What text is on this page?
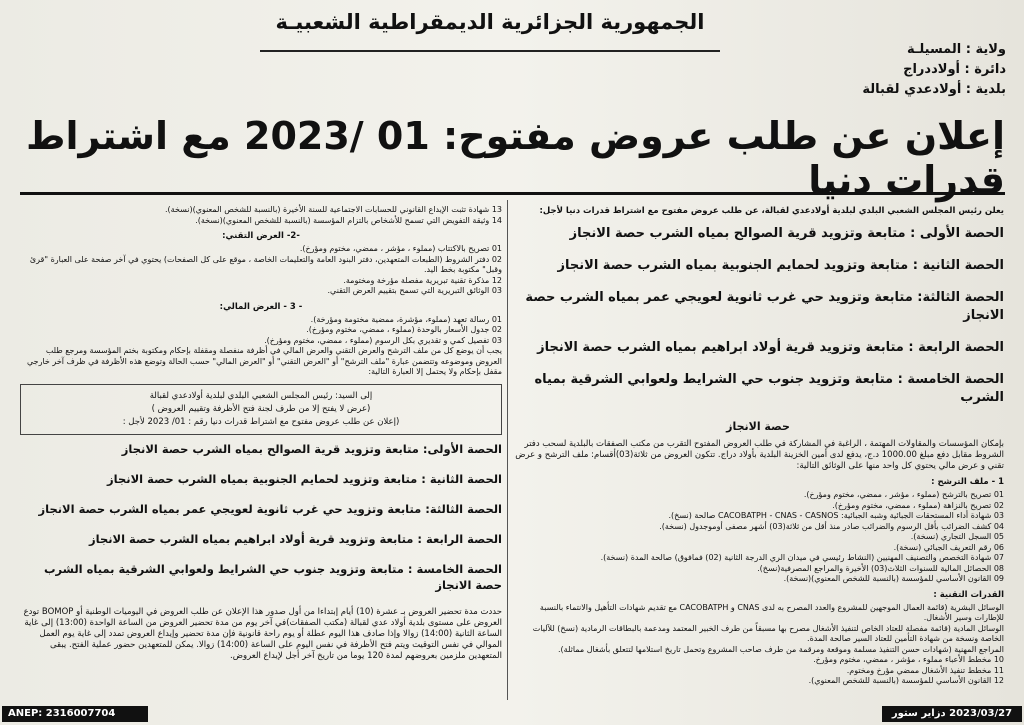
الجمهورية الجزائرية الديمقراطية الشعبيـة
ولاية : المسيلـة
دائرة : أولاددراج
بلدية : أولادعدي لقبالة
إعلان عن طلب عروض مفتوح: 01 /2023 مع اشتراط قدرات دنيا

يعلن رئيس المجلس الشعبي البلدي لبلدية أولادعدي لقبالة، عن طلب عروض مفتوح مع اشتراط قدرات دنيا لأجل:

الحصة الأولى : متابعة وتزويد قرية الصوالح بمياه الشرب حصة الانجاز

الحصة الثانية : متابعة وتزويد لحمايم الجنوبية بمياه الشرب حصة الانجاز

الحصة الثالثة: متابعة وتزويد حي غرب ثانوية لعويجي عمر بمياه الشرب حصة الانجاز

الحصة الرابعة : متابعة وتزويد قرية أولاد ابراهيم بمياه الشرب حصة الانجاز

الحصة الخامسة : متابعة وتزويد جنوب حي الشرايط ولعوابي الشرقية بمياه الشرب

حصة الانجاز

بإمكان المؤسسات والمقاولات المهتمة ، الراغبة في المشاركة في طلب العروض المفتوح التقرب من مكتب الصفقات بالبلدية لسحب دفتر الشروط مقابل دفع مبلغ 1000.00 د.ج، يدفع لدى أمين الخزينة البلدية بأولاد دراج. تتكون العروض من ثلاثة(03)أقسام: ملف الترشح و عرض تقني و عرض مالي يحتوي كل واحد منها على الوثائق التالية:

1 - ملف الترشح :

01 تصريح بالترشح (مملوء ، مؤشر ، ممضي، مختوم ومؤرخ).

02 تصريح بالنزاهة (مملوء ، ممضي، مختوم ومؤرخ).

03 شهادة أداء المستحقات الجبائية وشبه الجبائية: CACOBATPH - CNAS - CASNOS صالحة (نسخ).

04 كشف الضرائب بأقل الرسوم والضرائب صادر منذ أقل من ثلاثة(03) أشهر مصفى أوموجدول (نسخة).

05 السجل التجاري (نسخة).

06 رقم التعريف الجبائي (نسخة).

07 شهادة التخصص والتصنيف المهنيين (النشاط رئيسي في ميدان الري الدرجة الثانية (02) فمافوق) صالحة المدة (نسخة).

08 الحصائل المالية للسنوات الثلاث(03) الأخيرة والمراجع المصرفية(نسخ).

09 القانون الأساسي للمؤسسة (بالنسبة للشخص المعنوي)(نسخة).

القدرات التقنية :

الوسائل البشرية (قائمة العمال الموجهين للمشروع والعدد المصرح به لدى CNAS و CACOBATPH مع تقديم شهادات التأهيل والانتماء بالنسبة للإطارات وسير الأشغال.

الوسائل المادية (قائمة مفصلة للعتاد الخاص لتنفيذ الأشغال مصرح بها مسبقاً من طرف الخبير المعتمد ومدعمة بالبطاقات الرمادية (نسخ) للآليات الخاصة ونسخة من شهادة التأمين للعتاد السير صالحة المدة.

المراجع المهنية (شهادات حسن التنفيذ مسلمة وموقعة ومرقمة من طرف صاحب المشروع وتحمل تاريخ استلامها لتتعلق بأشغال مماثلة).

10 مخطط الأعباء مملوء ، مؤشر ، ممضي، مختوم ومؤرخ.

11 مخطط تنفيذ الأشغال ممضي مؤرخ ومختوم.

12 القانون الأساسي للمؤسسة (بالنسبة للشخص المعنوي).

13 شهادة تثبت الإيداع القانوني للحسابات الاجتماعية للسنة الأخيرة (بالنسبة للشخص المعنوي)(نسخة).

14 وثيقة التفويض التي تسمح للأشخاص بالتزام المؤسسة (بالنسبة للشخص المعنوي)(نسخة).

-2- العرض التقني:

01 تصريح بالاكتتاب (مملوء ، مؤشر ، ممضي، مختوم ومؤرخ).

02 دفتر الشروط (الطبعات المتعهدين، دفتر البنود العامة والتعليمات الخاصة ، موقع على كل الصفحات) يحتوي في آخر صفحة على العبارة "قرئ وقبل" مكتوبة بخط اليد.

12 مذكرة تقنية تبريرية مفصلة مؤرخة ومختومة.

03 الوثائق التبريرية التي تسمح بتقييم العرض التقني.

- 3 - العرض المالي:

01 رسالة تعهد (مملوء، مؤشرة، ممضية مختومة ومؤرخة).

02 جدول الأسعار بالوحدة (مملوء ، ممضي، مختوم ومؤرخ).

03 تفصيل كمي و تقديري بكل الرسوم (مملوء ، ممضي، مختوم ومؤرخ).

يجب أن يوضع كل من ملف الترشح والعرض التقني والعرض المالي في أظرفة منفصلة ومقفلة بإحكام ومكتوبة بختم المؤسسة ومرجع طلب العروض وموضوعه وتتضمن عبارة "ملف الترشح" أو "العرض التقني" أو "العرض المالي" حسب الحالة وتوضع هذه الأظرفة في ظرف آخر خارجي مقفل بإحكام ولا يحتمل إلا العبارة التالية:

إلى السيد: رئيس المجلس الشعبي البلدي لبلدية أولادعدي لقبالة

(عرض لا يفتح إلا من طرف لجنة فتح الأظرفة وتقييم العروض )

(إعلان عن طلب عروض مفتوح مع اشتراط قدرات دنيا رقم : 01/ 2023 لأجل :

الحصة الأولى: متابعة وتزويد قرية الصوالح بمياه الشرب حصة الانجاز

الحصة الثانية : متابعة وتزويد لحمايم الجنوبية بمياه الشرب حصة الانجاز

الحصة الثالثة: متابعة وتزويد حي غرب ثانوية لعويجي عمر بمياه الشرب حصة الانجاز

الحصة الرابعة : متابعة وتزويد قرية أولاد ابراهيم بمياه الشرب حصة الانجاز

الحصة الخامسة : متابعة وتزويد جنوب حي الشرايط ولعوابي الشرقية بمياه الشرب حصة الانجاز

حددت مدة تحضير العروض بـ عشرة (10) أيام إبتداءا من أول صدور هذا الإعلان عن طلب العروض في اليوميات الوطنية أو BOMOP تودع العروض على مستوى بلدية أولاد عدي لقبالة (مكتب الصفقات)في آخر يوم من مدة تحضير العروض من الساعة الواحدة (13:00) إلى غاية الساعة الثانية (14:00) زوالا وإذا صادف هذا اليوم عطلة أو يوم راحة قانونية فإن مدة تحضير وإيداع العروض تمدد إلى غاية يوم العمل الموالي في نفس التوقيت ويتم فتح الأظرفة في نفس اليوم على الساعة (14:00) زوالا. يمكن للمتعهدين حضور عملية الفتح. يبقى المتعهدين ملزمين بعروضهم لمدة 120 يوما من تاريخ آخر أجل لإيداع العروض.

ANEP: 2316007704	2023/03/27 دزاير ستور
